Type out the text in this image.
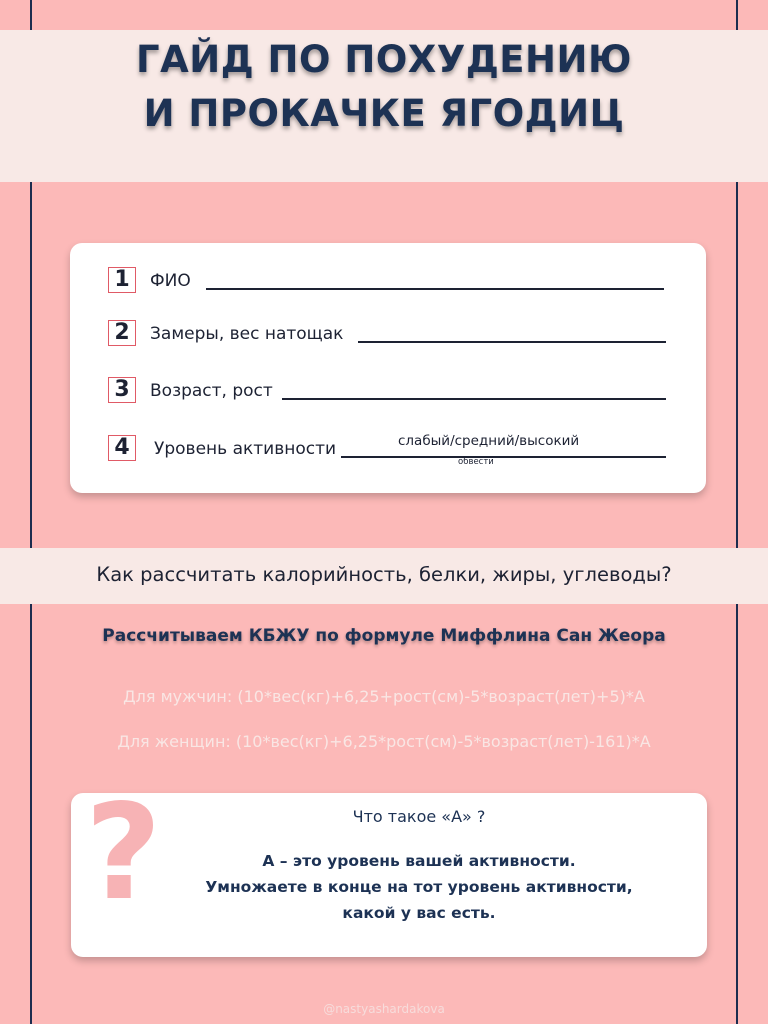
ГАЙД ПО ПОХУДЕНИЮ
И ПРОКАЧКЕ ЯГОДИЦ
1	ФИО
2	Замеры, вес натощак
3	Возраст, рост
4	Уровень активности	слабый/средний/высокий
обвести
Как рассчитать калорийность, белки, жиры, углеводы?
Рассчитываем КБЖУ по формуле Миффлина Сан Жеора
Для мужчин: (10*вес(кг)+6,25+рост(см)-5*возраст(лет)+5)*А
Для женщин: (10*вес(кг)+6,25*рост(см)-5*возраст(лет)-161)*А
?	Что такое «А» ?
А – это уровень вашей активности.
Умножаете в конце на тот уровень активности,
какой у вас есть.
@nastyashardakova
